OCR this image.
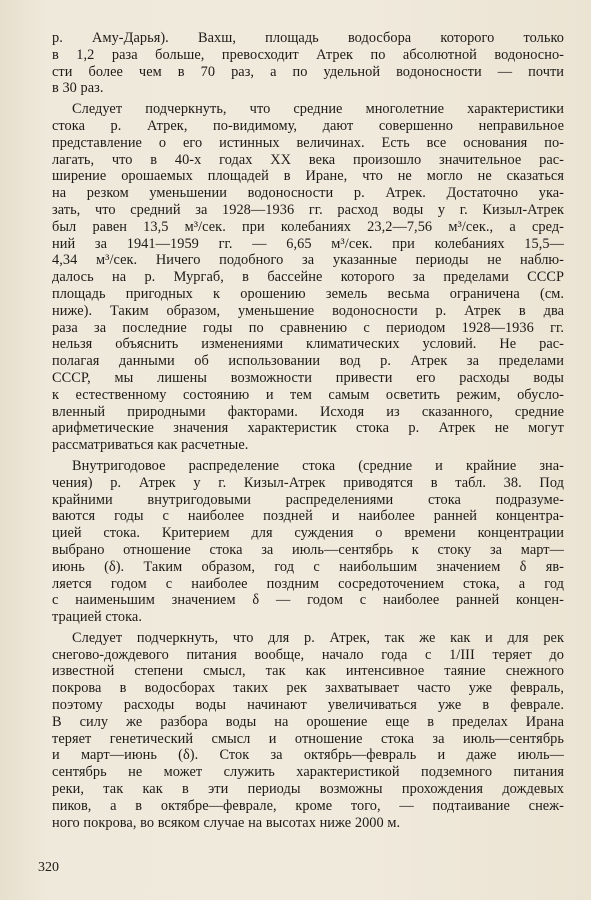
р. Аму-Дарья). Вахш, площадь водосбора которого только
в 1,2 раза больше, превосходит Атрек по абсолютной водоносно-
сти более чем в 70 раз, а по удельной водоносности — почти
в 30 раз.
Следует подчеркнуть, что средние многолетние характеристики
стока р. Атрек, по-видимому, дают совершенно неправильное
представление о его истинных величинах. Есть все основания по-
лагать, что в 40-х годах XX века произошло значительное рас-
ширение орошаемых площадей в Иране, что не могло не сказаться
на резком уменьшении водоносности р. Атрек. Достаточно ука-
зать, что средний за 1928—1936 гг. расход воды у г. Кизыл-Атрек
был равен 13,5 м³/сек. при колебаниях 23,2—7,56 м³/сек., а сред-
ний за 1941—1959 гг. — 6,65 м³/сек. при колебаниях 15,5—
4,34 м³/сек. Ничего подобного за указанные периоды не наблю-
далось на р. Мургаб, в бассейне которого за пределами СССР
площадь пригодных к орошению земель весьма ограничена (см.
ниже). Таким образом, уменьшение водоносности р. Атрек в два
раза за последние годы по сравнению с периодом 1928—1936 гг.
нельзя объяснить изменениями климатических условий. Не рас-
полагая данными об использовании вод р. Атрек за пределами
СССР, мы лишены возможности привести его расходы воды
к естественному состоянию и тем самым осветить режим, обусло-
вленный природными факторами. Исходя из сказанного, средние
арифметические значения характеристик стока р. Атрек не могут
рассматриваться как расчетные.
Внутригодовое распределение стока (средние и крайние зна-
чения) р. Атрек у г. Кизыл-Атрек приводятся в табл. 38. Под
крайними внутригодовыми распределениями стока подразуме-
ваются годы с наиболее поздней и наиболее ранней концентра-
цией стока. Критерием для суждения о времени концентрации
выбрано отношение стока за июль—сентябрь к стоку за март—
июнь (δ). Таким образом, год с наибольшим значением δ яв-
ляется годом с наиболее поздним сосредоточением стока, а год
с наименьшим значением δ — годом с наиболее ранней концен-
трацией стока.
Следует подчеркнуть, что для р. Атрек, так же как и для рек
снегово-дождевого питания вообще, начало года с 1/III теряет до
известной степени смысл, так как интенсивное таяние снежного
покрова в водосборах таких рек захватывает часто уже февраль,
поэтому расходы воды начинают увеличиваться уже в феврале.
В силу же разбора воды на орошение еще в пределах Ирана
теряет генетический смысл и отношение стока за июль—сентябрь
и март—июнь (δ). Сток за октябрь—февраль и даже июль—
сентябрь не может служить характеристикой подземного питания
реки, так как в эти периоды возможны прохождения дождевых
пиков, а в октябре—феврале, кроме того, — подтаивание снеж-
ного покрова, во всяком случае на высотах ниже 2000 м.
320
